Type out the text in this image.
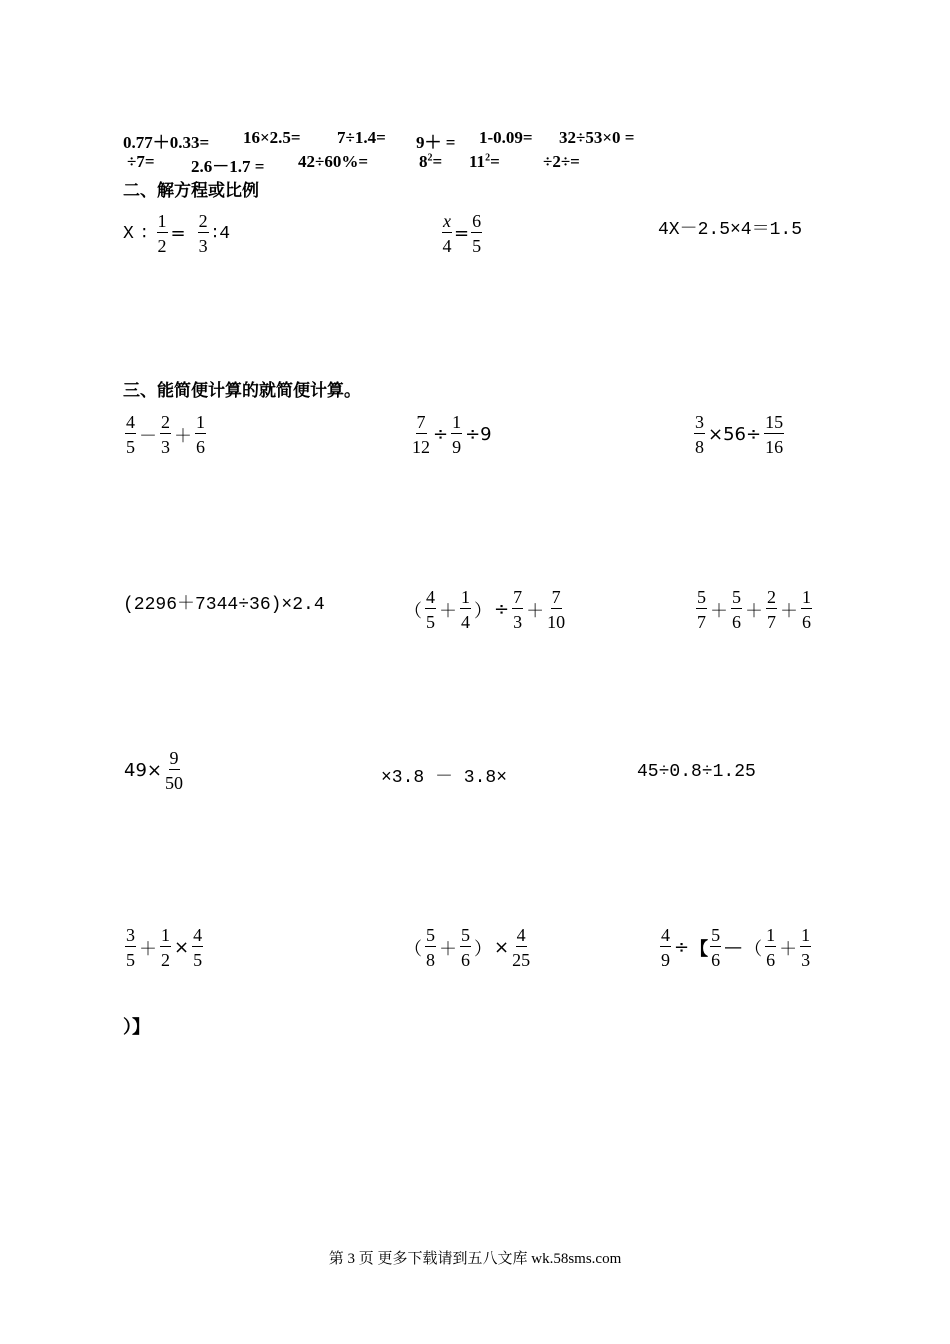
0.77＋0.33= 16×2.5= 7÷1.4= 9＋ = 1-0.09= 32÷53×0 =
÷7= 2.6－1.7 = 42÷60%=	$8^2= 11^2=$	÷2÷=
二、解方程或比例
X ∶ $\frac{1}{2} = \frac{2}{3}$ ∶ 4	$\frac{x}{4} = \frac{6}{5}$	4X－2.5×4＝1.5
三、能简便计算的就简便计算。
$\frac{4}{5} - \frac{2}{3} + \frac{1}{6}$	$\frac{7}{12} \div \frac{1}{9} \div 9$	$\frac{3}{8} \times 56\div \frac{15}{16}$
(2296＋7344÷36)×2.4	（ $\frac{4}{5} + \frac{1}{4}$ ） ÷ $\frac{7}{3} + \frac{7}{10}$	$\frac{5}{7} + \frac{5}{6} + \frac{2}{7} + \frac{1}{6}$
$49\times \frac{9}{50}$	×3.8 － 3.8×	45÷0.8÷1.25
$\frac{3}{5} + \frac{1}{2} \times \frac{4}{5}$	（ $\frac{5}{8} + \frac{5}{6}$ ） × $\frac{4}{25}$	$\frac{4}{9}$ ÷ 【 $\frac{5}{6}$ — （ $\frac{1}{6} + \frac{1}{3}$
）】
第 3 页 更多下载请到五八文库 wk.58sms.com
